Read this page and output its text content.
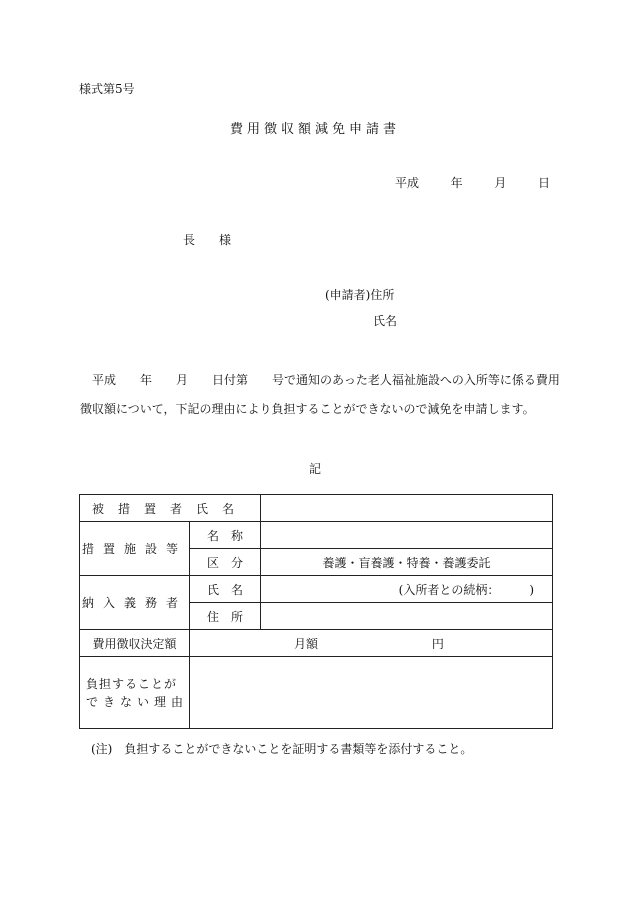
様式第5号
費用徴収額減免申請書
平成	年	月	日
長　様
(申請者)住所
氏名
平成　　年　　月　　日付第　　号で通知のあった老人福祉施設への入所等に係る費用
徴収額について，下記の理由により負担することができないので減免を申請します。
記
被措置者氏名		
措置施設等	名　称	
	区　分	養護・盲養護・特養・養護委託
納入義務者	氏　名	(入所者との続柄：　　　)
	住　所	
費用徴収決定額	月額 円	

負担することが
できない理由		

(注)　負担することができないことを証明する書類等を添付すること。
